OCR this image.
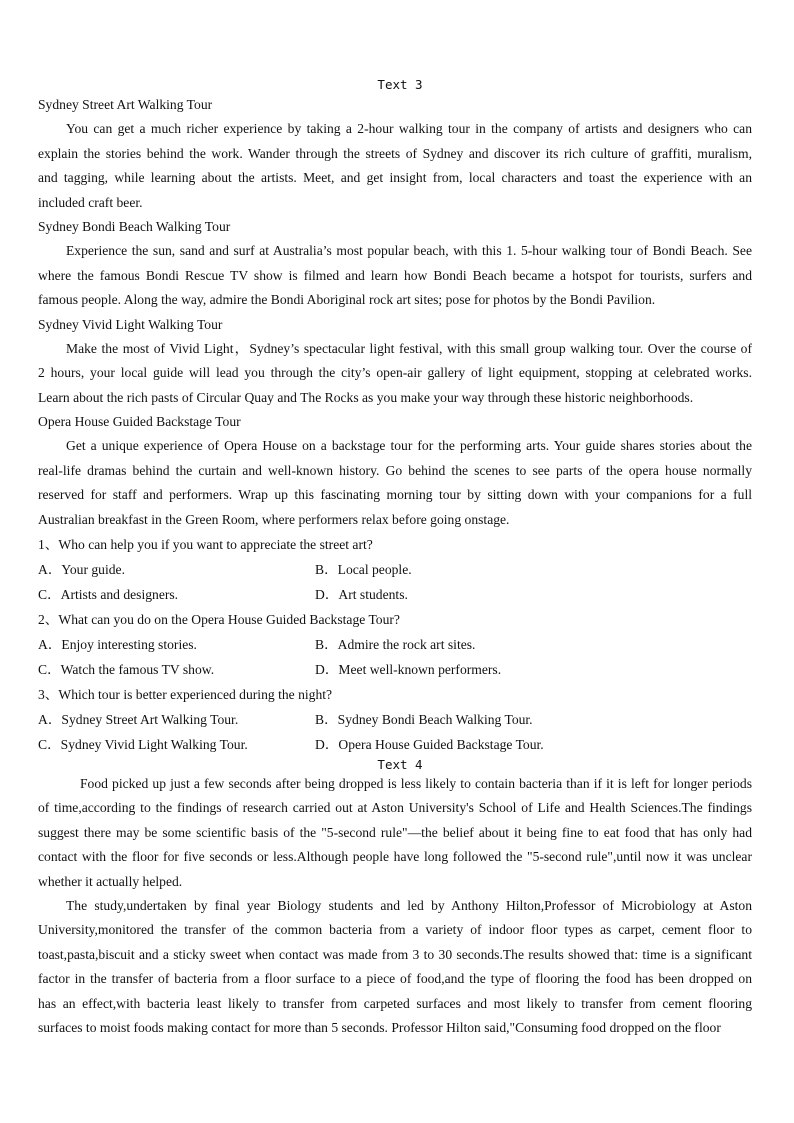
Text 3
Sydney Street Art Walking Tour
You can get a much richer experience by taking a 2-hour walking tour in the company of artists and designers who can
explain the stories behind the work. Wander through the streets of Sydney and discover its rich culture of graffiti, muralism,
and tagging, while learning about the artists. Meet, and get insight from, local characters and toast the experience with an
included craft beer.
Sydney Bondi Beach Walking Tour
Experience the sun, sand and surf at Australia’s most popular beach, with this 1. 5-hour walking tour of Bondi Beach. See
where the famous Bondi Rescue TV show is filmed and learn how Bondi Beach became a hotspot for tourists, surfers and
famous people. Along the way, admire the Bondi Aboriginal rock art sites; pose for photos by the Bondi Pavilion.
Sydney Vivid Light Walking Tour
Make the most of Vivid Light，Sydney’s spectacular light festival, with this small group walking tour. Over the course of
2 hours, your local guide will lead you through the city’s open-air gallery of light equipment, stopping at celebrated works.
Learn about the rich pasts of Circular Quay and The Rocks as you make your way through these historic neighborhoods.
Opera House Guided Backstage Tour
Get a unique experience of Opera House on a backstage tour for the performing arts. Your guide shares stories about the
real-life dramas behind the curtain and well-known history. Go behind the scenes to see parts of the opera house normally
reserved for staff and performers. Wrap up this fascinating morning tour by sitting down with your companions for a full
Australian breakfast in the Green Room, where performers relax before going onstage.
1、Who can help you if you want to appreciate the street art?
A．Your guide.	B．Local people.
C．Artists and designers.	D．Art students.
2、What can you do on the Opera House Guided Backstage Tour?
A．Enjoy interesting stories.	B．Admire the rock art sites.
C．Watch the famous TV show.	D．Meet well-known performers.
3、Which tour is better experienced during the night?
A．Sydney Street Art Walking Tour.	B．Sydney Bondi Beach Walking Tour.
C．Sydney Vivid Light Walking Tour.	D．Opera House Guided Backstage Tour.
Text 4
Food picked up just a few seconds after being dropped is less likely to contain bacteria than if it is left for longer periods
of time,according to the findings of research carried out at Aston University's School of Life and Health Sciences.The findings
suggest there may be some scientific basis of the "5-second rule"—the belief about it being fine to eat food that has only had
contact with the floor for five seconds or less.Although people have long followed the "5-second rule",until now it was unclear
whether it actually helped.
The study,undertaken by final year Biology students and led by Anthony Hilton,Professor of Microbiology at Aston
University,monitored the transfer of the common bacteria from a variety of indoor floor types as carpet, cement floor to
toast,pasta,biscuit and a sticky sweet when contact was made from 3 to 30 seconds.The results showed that: time is a significant
factor in the transfer of bacteria from a floor surface to a piece of food,and the type of flooring the food has been dropped on
has an effect,with bacteria least likely to transfer from carpeted surfaces and most likely to transfer from cement flooring
surfaces to moist foods making contact for more than 5 seconds. Professor Hilton said,"Consuming food dropped on the floor
